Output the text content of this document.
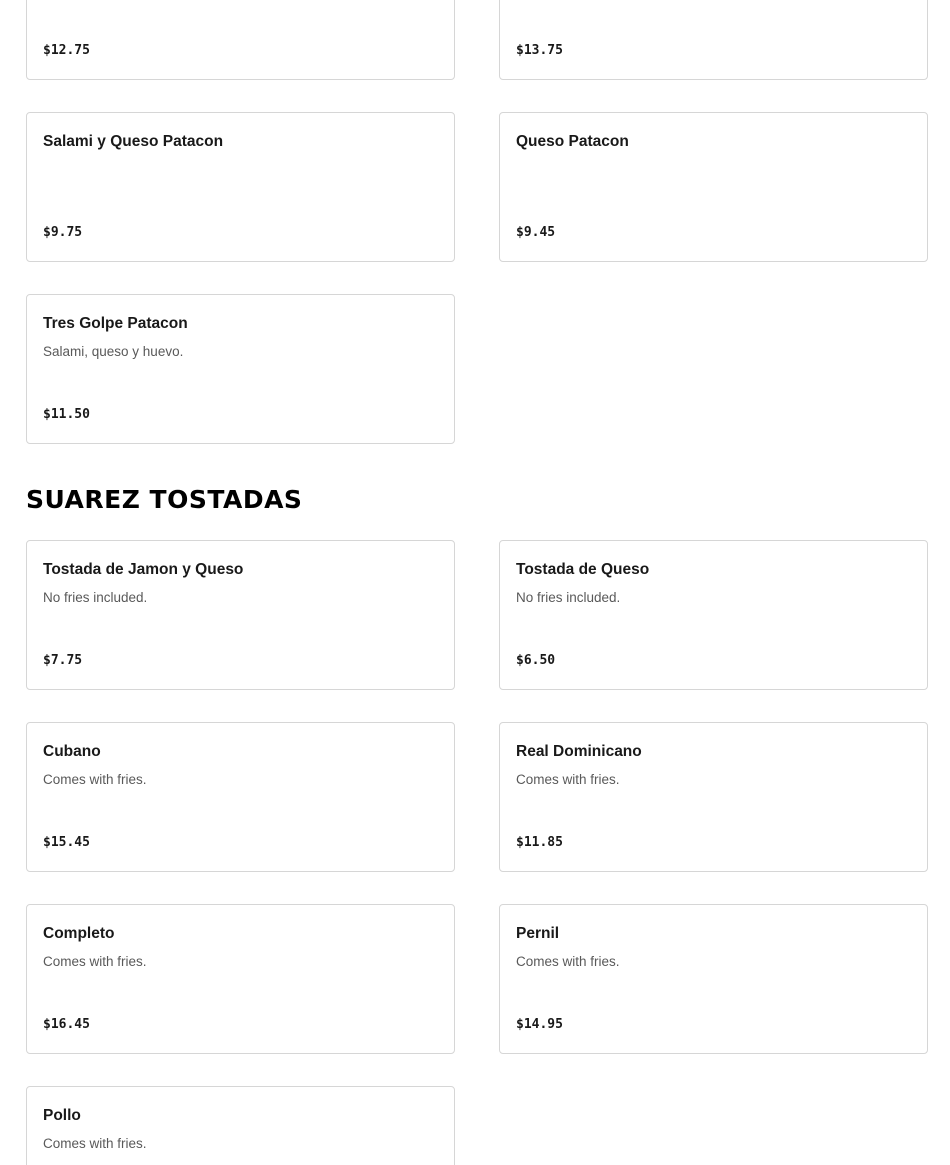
$12.75	$13.75
Salami y Queso Patacon
$9.75
Queso Patacon
$9.45
Tres Golpe Patacon
Salami, queso y huevo.
$11.50
SUAREZ TOSTADAS
Tostada de Jamon y Queso
No fries included.
$7.75
Tostada de Queso
No fries included.
$6.50
Cubano
Comes with fries.
$15.45
Real Dominicano
Comes with fries.
$11.85
Completo
Comes with fries.
$16.45
Pernil
Comes with fries.
$14.95
Pollo
Comes with fries.
